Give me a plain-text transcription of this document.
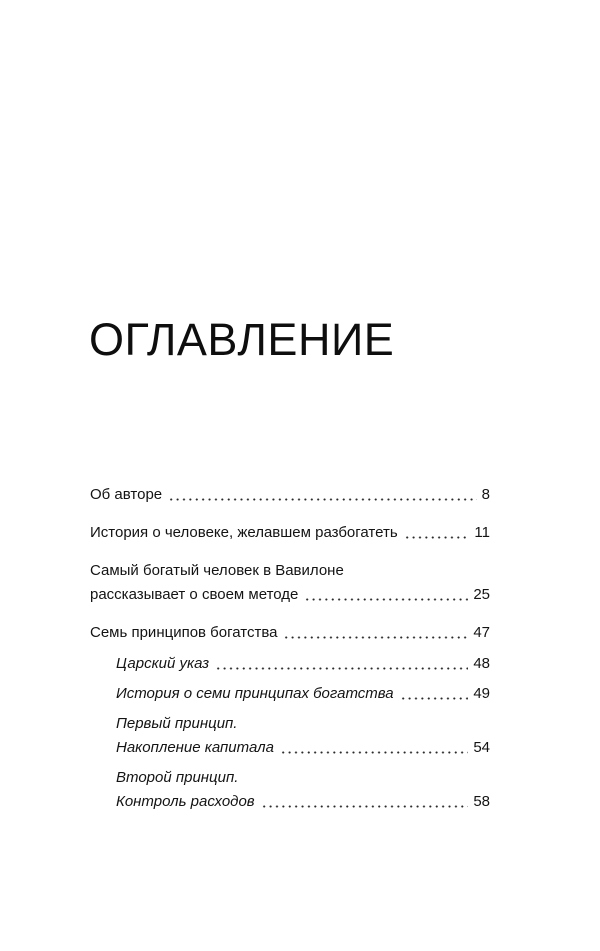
ОГЛАВЛЕНИЕ
Об авторе	8
История о человеке, желавшем разбогатеть	11
Самый богатый человек в Вавилоне
рассказывает о своем методе	25
Семь принципов богатства	47
Царский указ	48
История о семи принципах богатства	49
Первый принцип.
Накопление капитала	54
Второй принцип.
Контроль расходов	58
